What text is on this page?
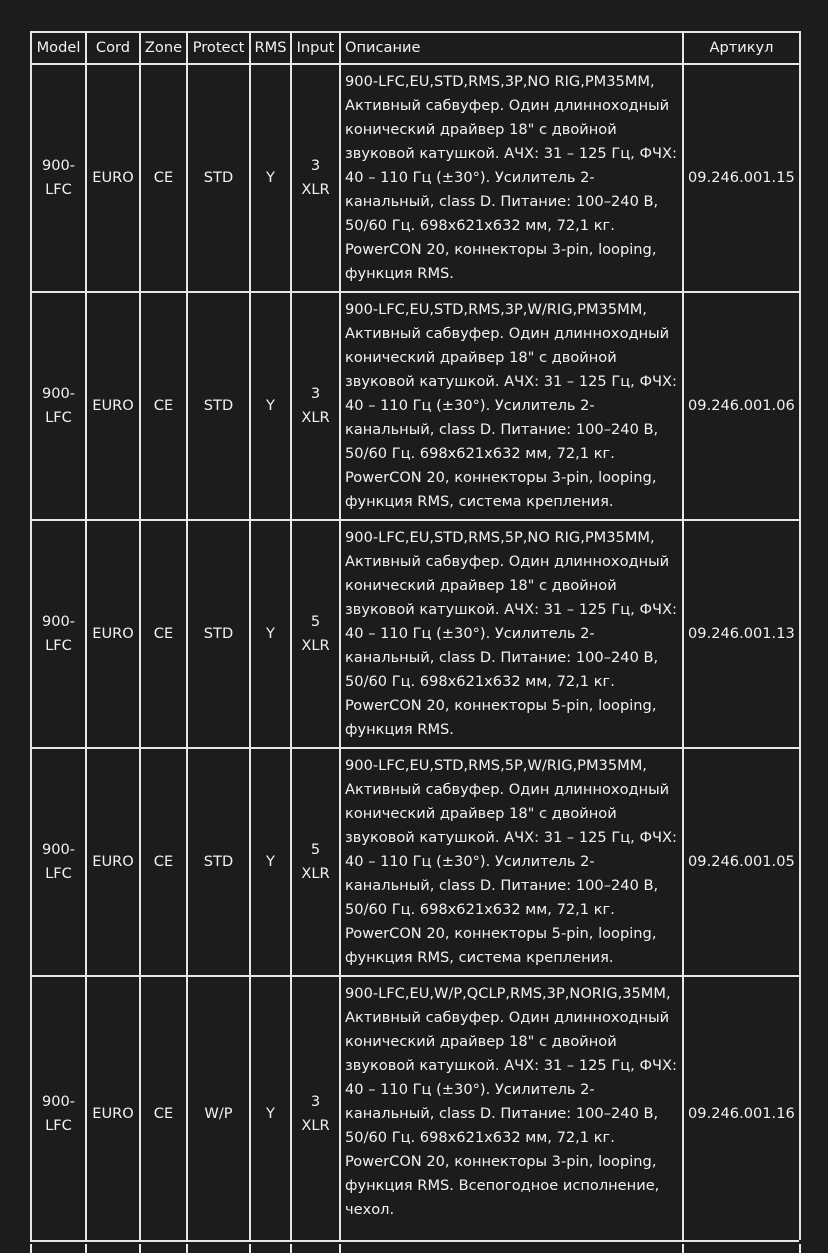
Model	Cord	Zone	Protect	RMS	Input	Описание	Артикул
900-LFC	EURO	CE	STD	Y	3 XLR	900-LFC,EU,STD,RMS,3P,NO RIG,PM35MM, Активный сабвуфер. Один длинноходный конический драйвер 18" с двойной звуковой катушкой. АЧХ: 31 – 125 Гц, ФЧХ: 40 – 110 Гц (±30°). Усилитель 2-канальный, class D. Питание: 100–240 В, 50/60 Гц. 698x621x632 мм, 72,1 кг. PowerCON 20, коннекторы 3-pin, looping, функция RMS.	09.246.001.15
900-LFC	EURO	CE	STD	Y	3 XLR	900-LFC,EU,STD,RMS,3P,W/RIG,PM35MM, Активный сабвуфер. Один длинноходный конический драйвер 18" с двойной звуковой катушкой. АЧХ: 31 – 125 Гц, ФЧХ: 40 – 110 Гц (±30°). Усилитель 2-канальный, class D. Питание: 100–240 В, 50/60 Гц. 698x621x632 мм, 72,1 кг. PowerCON 20, коннекторы 3-pin, looping, функция RMS, система крепления.	09.246.001.06
900-LFC	EURO	CE	STD	Y	5 XLR	900-LFC,EU,STD,RMS,5P,NO RIG,PM35MM, Активный сабвуфер. Один длинноходный конический драйвер 18" с двойной звуковой катушкой. АЧХ: 31 – 125 Гц, ФЧХ: 40 – 110 Гц (±30°). Усилитель 2-канальный, class D. Питание: 100–240 В, 50/60 Гц. 698x621x632 мм, 72,1 кг. PowerCON 20, коннекторы 5-pin, looping, функция RMS.	09.246.001.13
900-LFC	EURO	CE	STD	Y	5 XLR	900-LFC,EU,STD,RMS,5P,W/RIG,PM35MM, Активный сабвуфер. Один длинноходный конический драйвер 18" с двойной звуковой катушкой. АЧХ: 31 – 125 Гц, ФЧХ: 40 – 110 Гц (±30°). Усилитель 2-канальный, class D. Питание: 100–240 В, 50/60 Гц. 698x621x632 мм, 72,1 кг. PowerCON 20, коннекторы 5-pin, looping, функция RMS, система крепления.	09.246.001.05
900-LFC	EURO	CE	W/P	Y	3 XLR	900-LFC,EU,W/P,QCLP,RMS,3P,NORIG,35MM, Активный сабвуфер. Один длинноходный конический драйвер 18" с двойной звуковой катушкой. АЧХ: 31 – 125 Гц, ФЧХ: 40 – 110 Гц (±30°). Усилитель 2-канальный, class D. Питание: 100–240 В, 50/60 Гц. 698x621x632 мм, 72,1 кг. PowerCON 20, коннекторы 3-pin, looping, функция RMS. Всепогодное исполнение, чехол.	09.246.001.16
